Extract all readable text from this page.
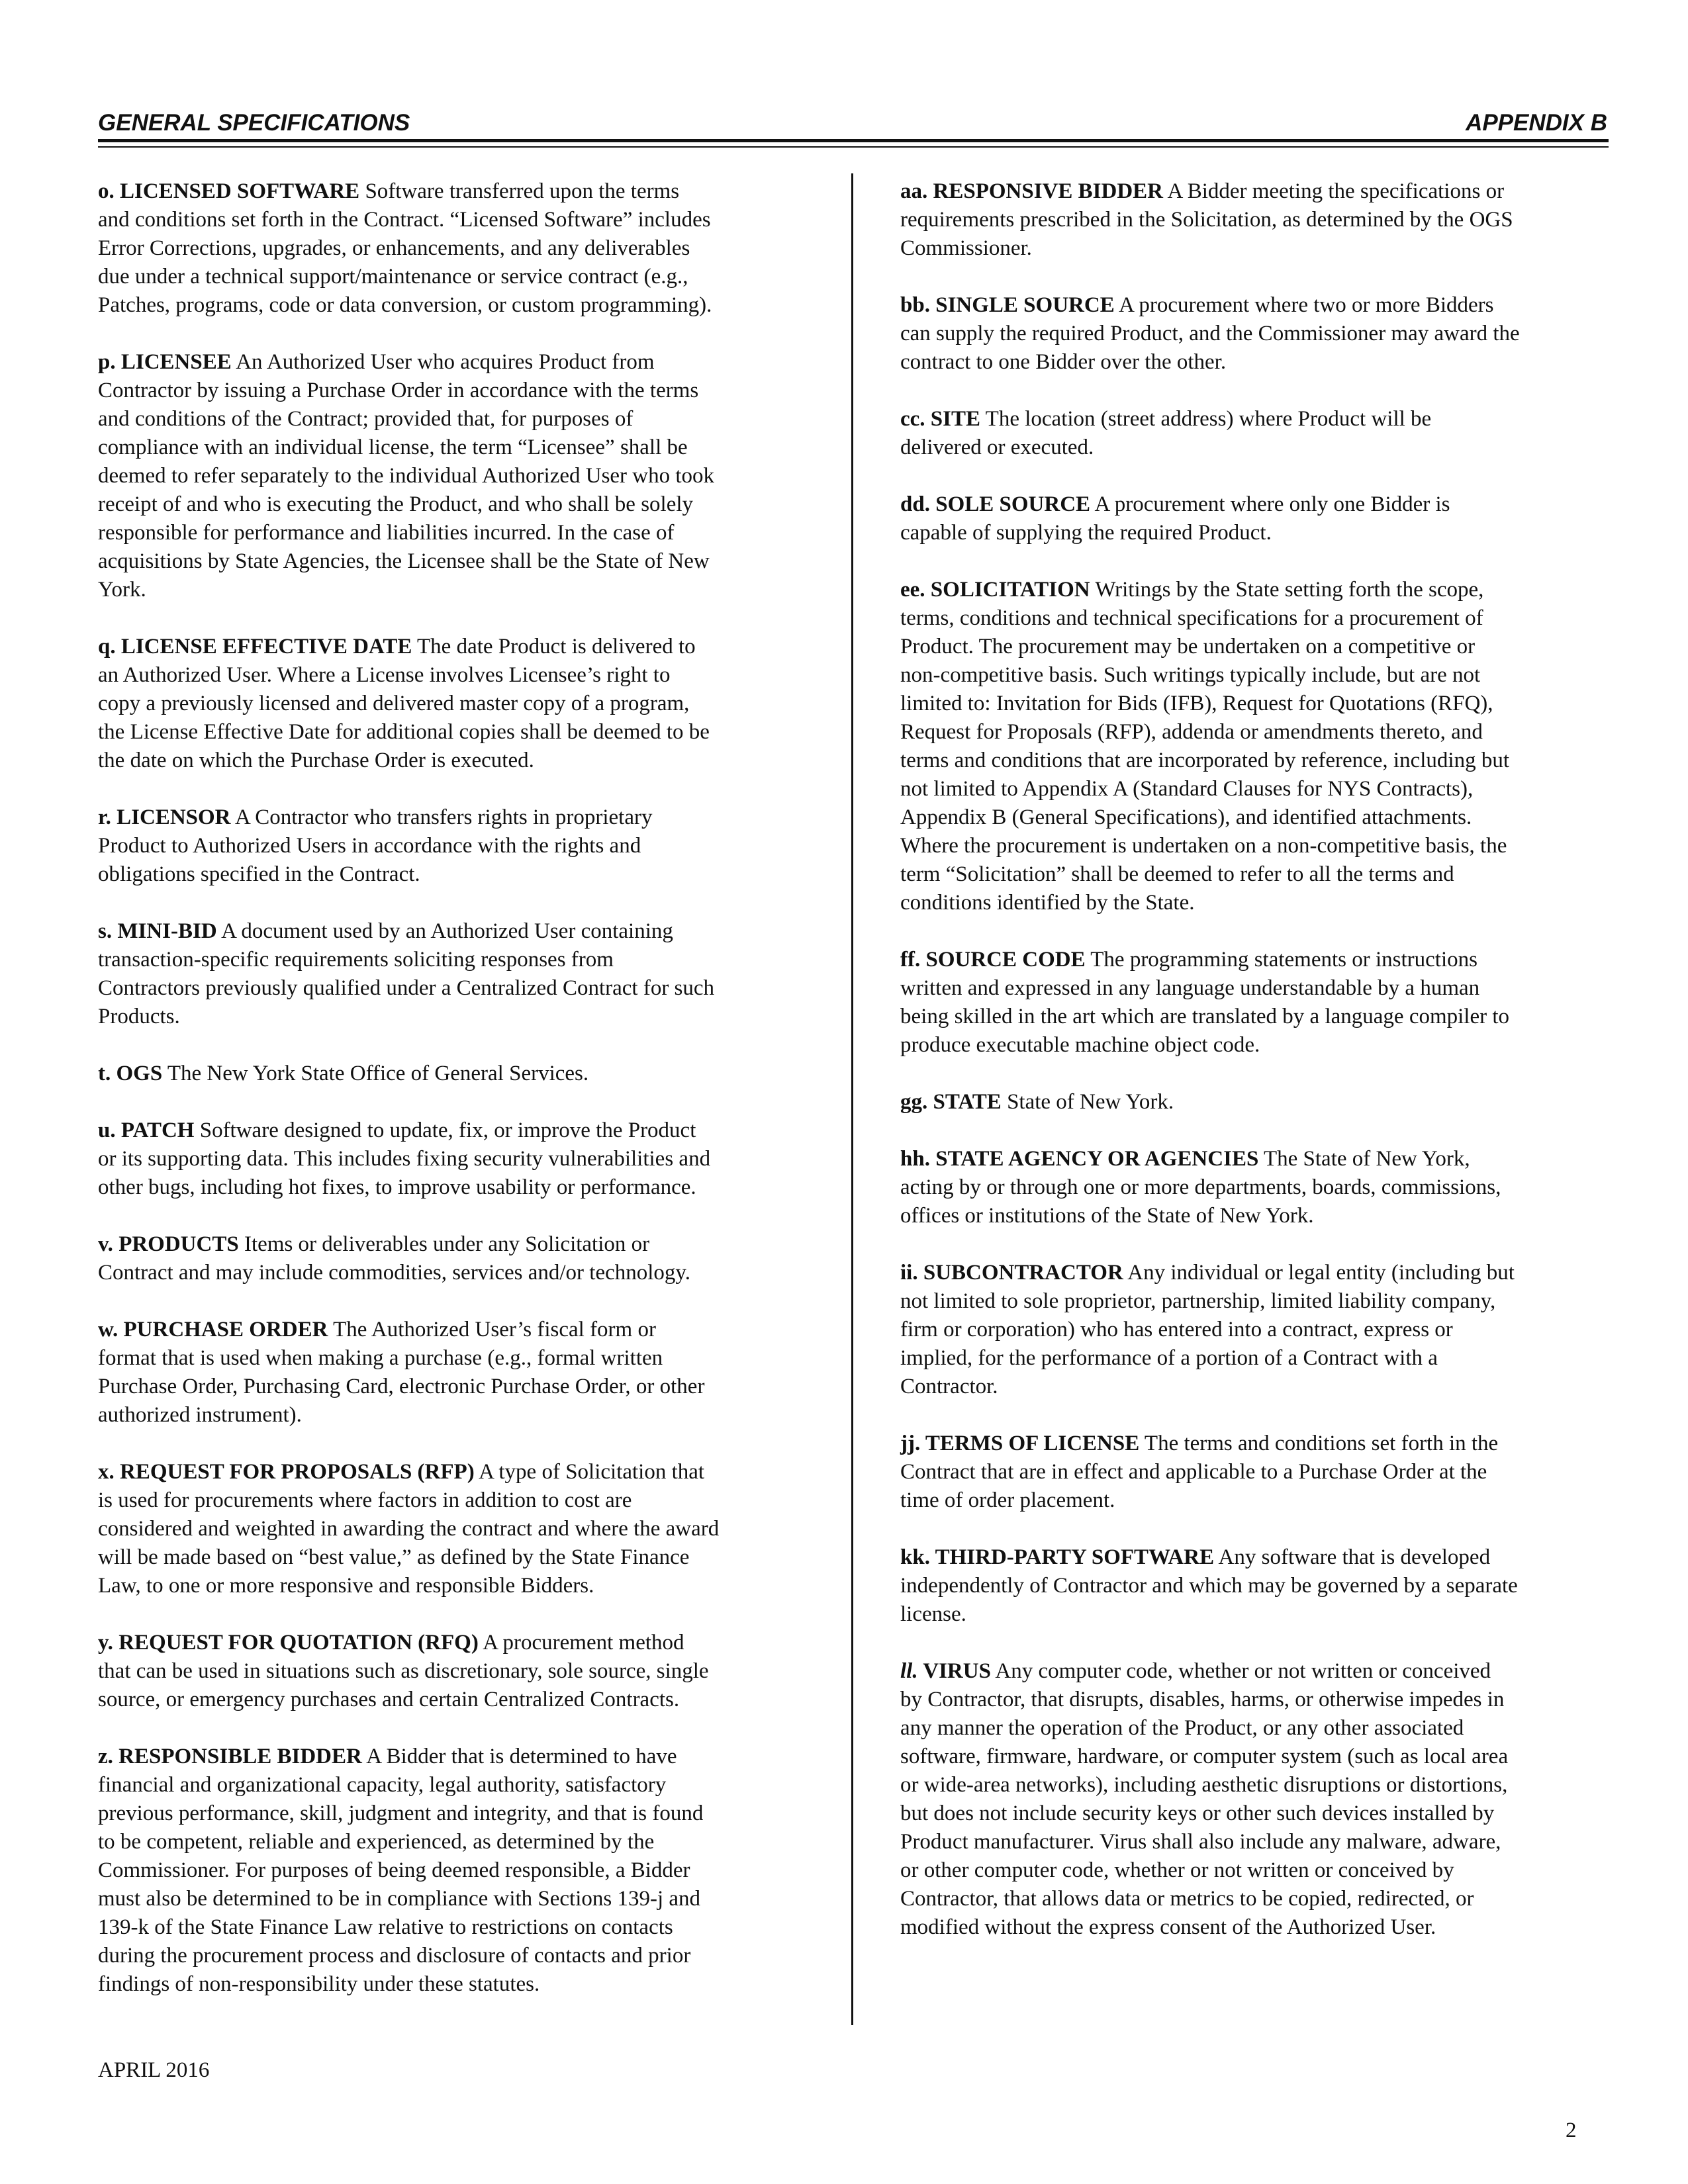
GENERAL SPECIFICATIONS	APPENDIX B

o. LICENSED SOFTWARE Software transferred upon the terms
and conditions set forth in the Contract. “Licensed Software” includes
Error Corrections, upgrades, or enhancements, and any deliverables
due under a technical support/maintenance or service contract (e.g.,
Patches, programs, code or data conversion, or custom programming).

p. LICENSEE An Authorized User who acquires Product from
Contractor by issuing a Purchase Order in accordance with the terms
and conditions of the Contract; provided that, for purposes of
compliance with an individual license, the term “Licensee” shall be
deemed to refer separately to the individual Authorized User who took
receipt of and who is executing the Product, and who shall be solely
responsible for performance and liabilities incurred. In the case of
acquisitions by State Agencies, the Licensee shall be the State of New
York.

q. LICENSE EFFECTIVE DATE The date Product is delivered to
an Authorized User. Where a License involves Licensee’s right to
copy a previously licensed and delivered master copy of a program,
the License Effective Date for additional copies shall be deemed to be
the date on which the Purchase Order is executed.

r. LICENSOR A Contractor who transfers rights in proprietary
Product to Authorized Users in accordance with the rights and
obligations specified in the Contract.

s. MINI-BID A document used by an Authorized User containing
transaction-specific requirements soliciting responses from
Contractors previously qualified under a Centralized Contract for such
Products.

t. OGS The New York State Office of General Services.

u. PATCH Software designed to update, fix, or improve the Product
or its supporting data. This includes fixing security vulnerabilities and
other bugs, including hot fixes, to improve usability or performance.

v. PRODUCTS Items or deliverables under any Solicitation or
Contract and may include commodities, services and/or technology.

w. PURCHASE ORDER The Authorized User’s fiscal form or
format that is used when making a purchase (e.g., formal written
Purchase Order, Purchasing Card, electronic Purchase Order, or other
authorized instrument).

x. REQUEST FOR PROPOSALS (RFP) A type of Solicitation that
is used for procurements where factors in addition to cost are
considered and weighted in awarding the contract and where the award
will be made based on “best value,” as defined by the State Finance
Law, to one or more responsive and responsible Bidders.

y. REQUEST FOR QUOTATION (RFQ) A procurement method
that can be used in situations such as discretionary, sole source, single
source, or emergency purchases and certain Centralized Contracts.

z. RESPONSIBLE BIDDER A Bidder that is determined to have
financial and organizational capacity, legal authority, satisfactory
previous performance, skill, judgment and integrity, and that is found
to be competent, reliable and experienced, as determined by the
Commissioner. For purposes of being deemed responsible, a Bidder
must also be determined to be in compliance with Sections 139-j and
139-k of the State Finance Law relative to restrictions on contacts
during the procurement process and disclosure of contacts and prior
findings of non-responsibility under these statutes.

aa. RESPONSIVE BIDDER A Bidder meeting the specifications or
requirements prescribed in the Solicitation, as determined by the OGS
Commissioner.

bb. SINGLE SOURCE A procurement where two or more Bidders
can supply the required Product, and the Commissioner may award the
contract to one Bidder over the other.

cc. SITE The location (street address) where Product will be
delivered or executed.

dd. SOLE SOURCE A procurement where only one Bidder is
capable of supplying the required Product.

ee. SOLICITATION Writings by the State setting forth the scope,
terms, conditions and technical specifications for a procurement of
Product. The procurement may be undertaken on a competitive or
non-competitive basis. Such writings typically include, but are not
limited to: Invitation for Bids (IFB), Request for Quotations (RFQ),
Request for Proposals (RFP), addenda or amendments thereto, and
terms and conditions that are incorporated by reference, including but
not limited to Appendix A (Standard Clauses for NYS Contracts),
Appendix B (General Specifications), and identified attachments.
Where the procurement is undertaken on a non-competitive basis, the
term “Solicitation” shall be deemed to refer to all the terms and
conditions identified by the State.

ff. SOURCE CODE The programming statements or instructions
written and expressed in any language understandable by a human
being skilled in the art which are translated by a language compiler to
produce executable machine object code.

gg. STATE State of New York.

hh. STATE AGENCY OR AGENCIES The State of New York,
acting by or through one or more departments, boards, commissions,
offices or institutions of the State of New York.

ii. SUBCONTRACTOR Any individual or legal entity (including but
not limited to sole proprietor, partnership, limited liability company,
firm or corporation) who has entered into a contract, express or
implied, for the performance of a portion of a Contract with a
Contractor.

jj. TERMS OF LICENSE The terms and conditions set forth in the
Contract that are in effect and applicable to a Purchase Order at the
time of order placement.

kk. THIRD-PARTY SOFTWARE Any software that is developed
independently of Contractor and which may be governed by a separate
license.

ll. VIRUS Any computer code, whether or not written or conceived
by Contractor, that disrupts, disables, harms, or otherwise impedes in
any manner the operation of the Product, or any other associated
software, firmware, hardware, or computer system (such as local area
or wide-area networks), including aesthetic disruptions or distortions,
but does not include security keys or other such devices installed by
Product manufacturer. Virus shall also include any malware, adware,
or other computer code, whether or not written or conceived by
Contractor, that allows data or metrics to be copied, redirected, or
modified without the express consent of the Authorized User.

APRIL 2016
2
